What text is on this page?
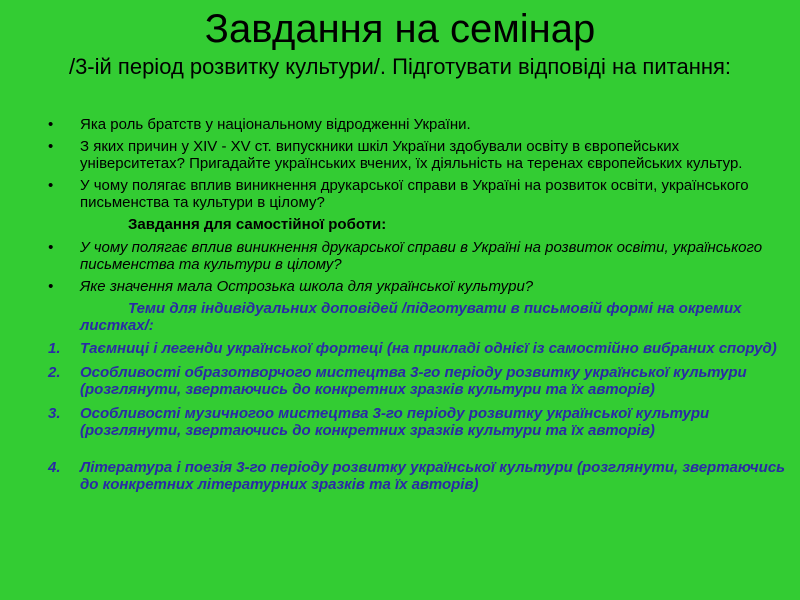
Завдання на семінар

/3-ій період розвитку культури/. Підготувати відповіді на питання:

•	Яка роль братств у національному відродженні України.
•	З яких причин у XIV - XV ст. випускники шкіл України здобували освіту в європейських університетах? Пригадайте українських вчених, їх діяльність на теренах європейських культур.
•	У чому полягає вплив виникнення друкарської справи в Україні на розвиток освіти, українського письменства та культури в цілому?
Завдання для самостійної роботи:
•	У чому полягає вплив виникнення друкарської справи в Україні на розвиток освіти, українського письменства та культури в цілому?
•	Яке значення мала Острозька школа для української культури?
Теми для індивідуальних доповідей /підготувати в письмовій формі на окремих листках/:
1.	Таємниці і легенди української фортеці (на прикладі однієї із самостійно вибраних споруд)
2.	Особливості образотворчого мистецтва 3-го періоду розвитку української культури (розглянути, звертаючись до конкретних зразків культури та їх авторів)
3.	Особливості музичногоо мистецтва 3-го періоду розвитку української культури (розглянути, звертаючись до конкретних зразків культури та їх авторів)
4.	Література і поезія 3-го періоду розвитку української культури (розглянути, звертаючись до конкретних літературних зразків та їх авторів)
